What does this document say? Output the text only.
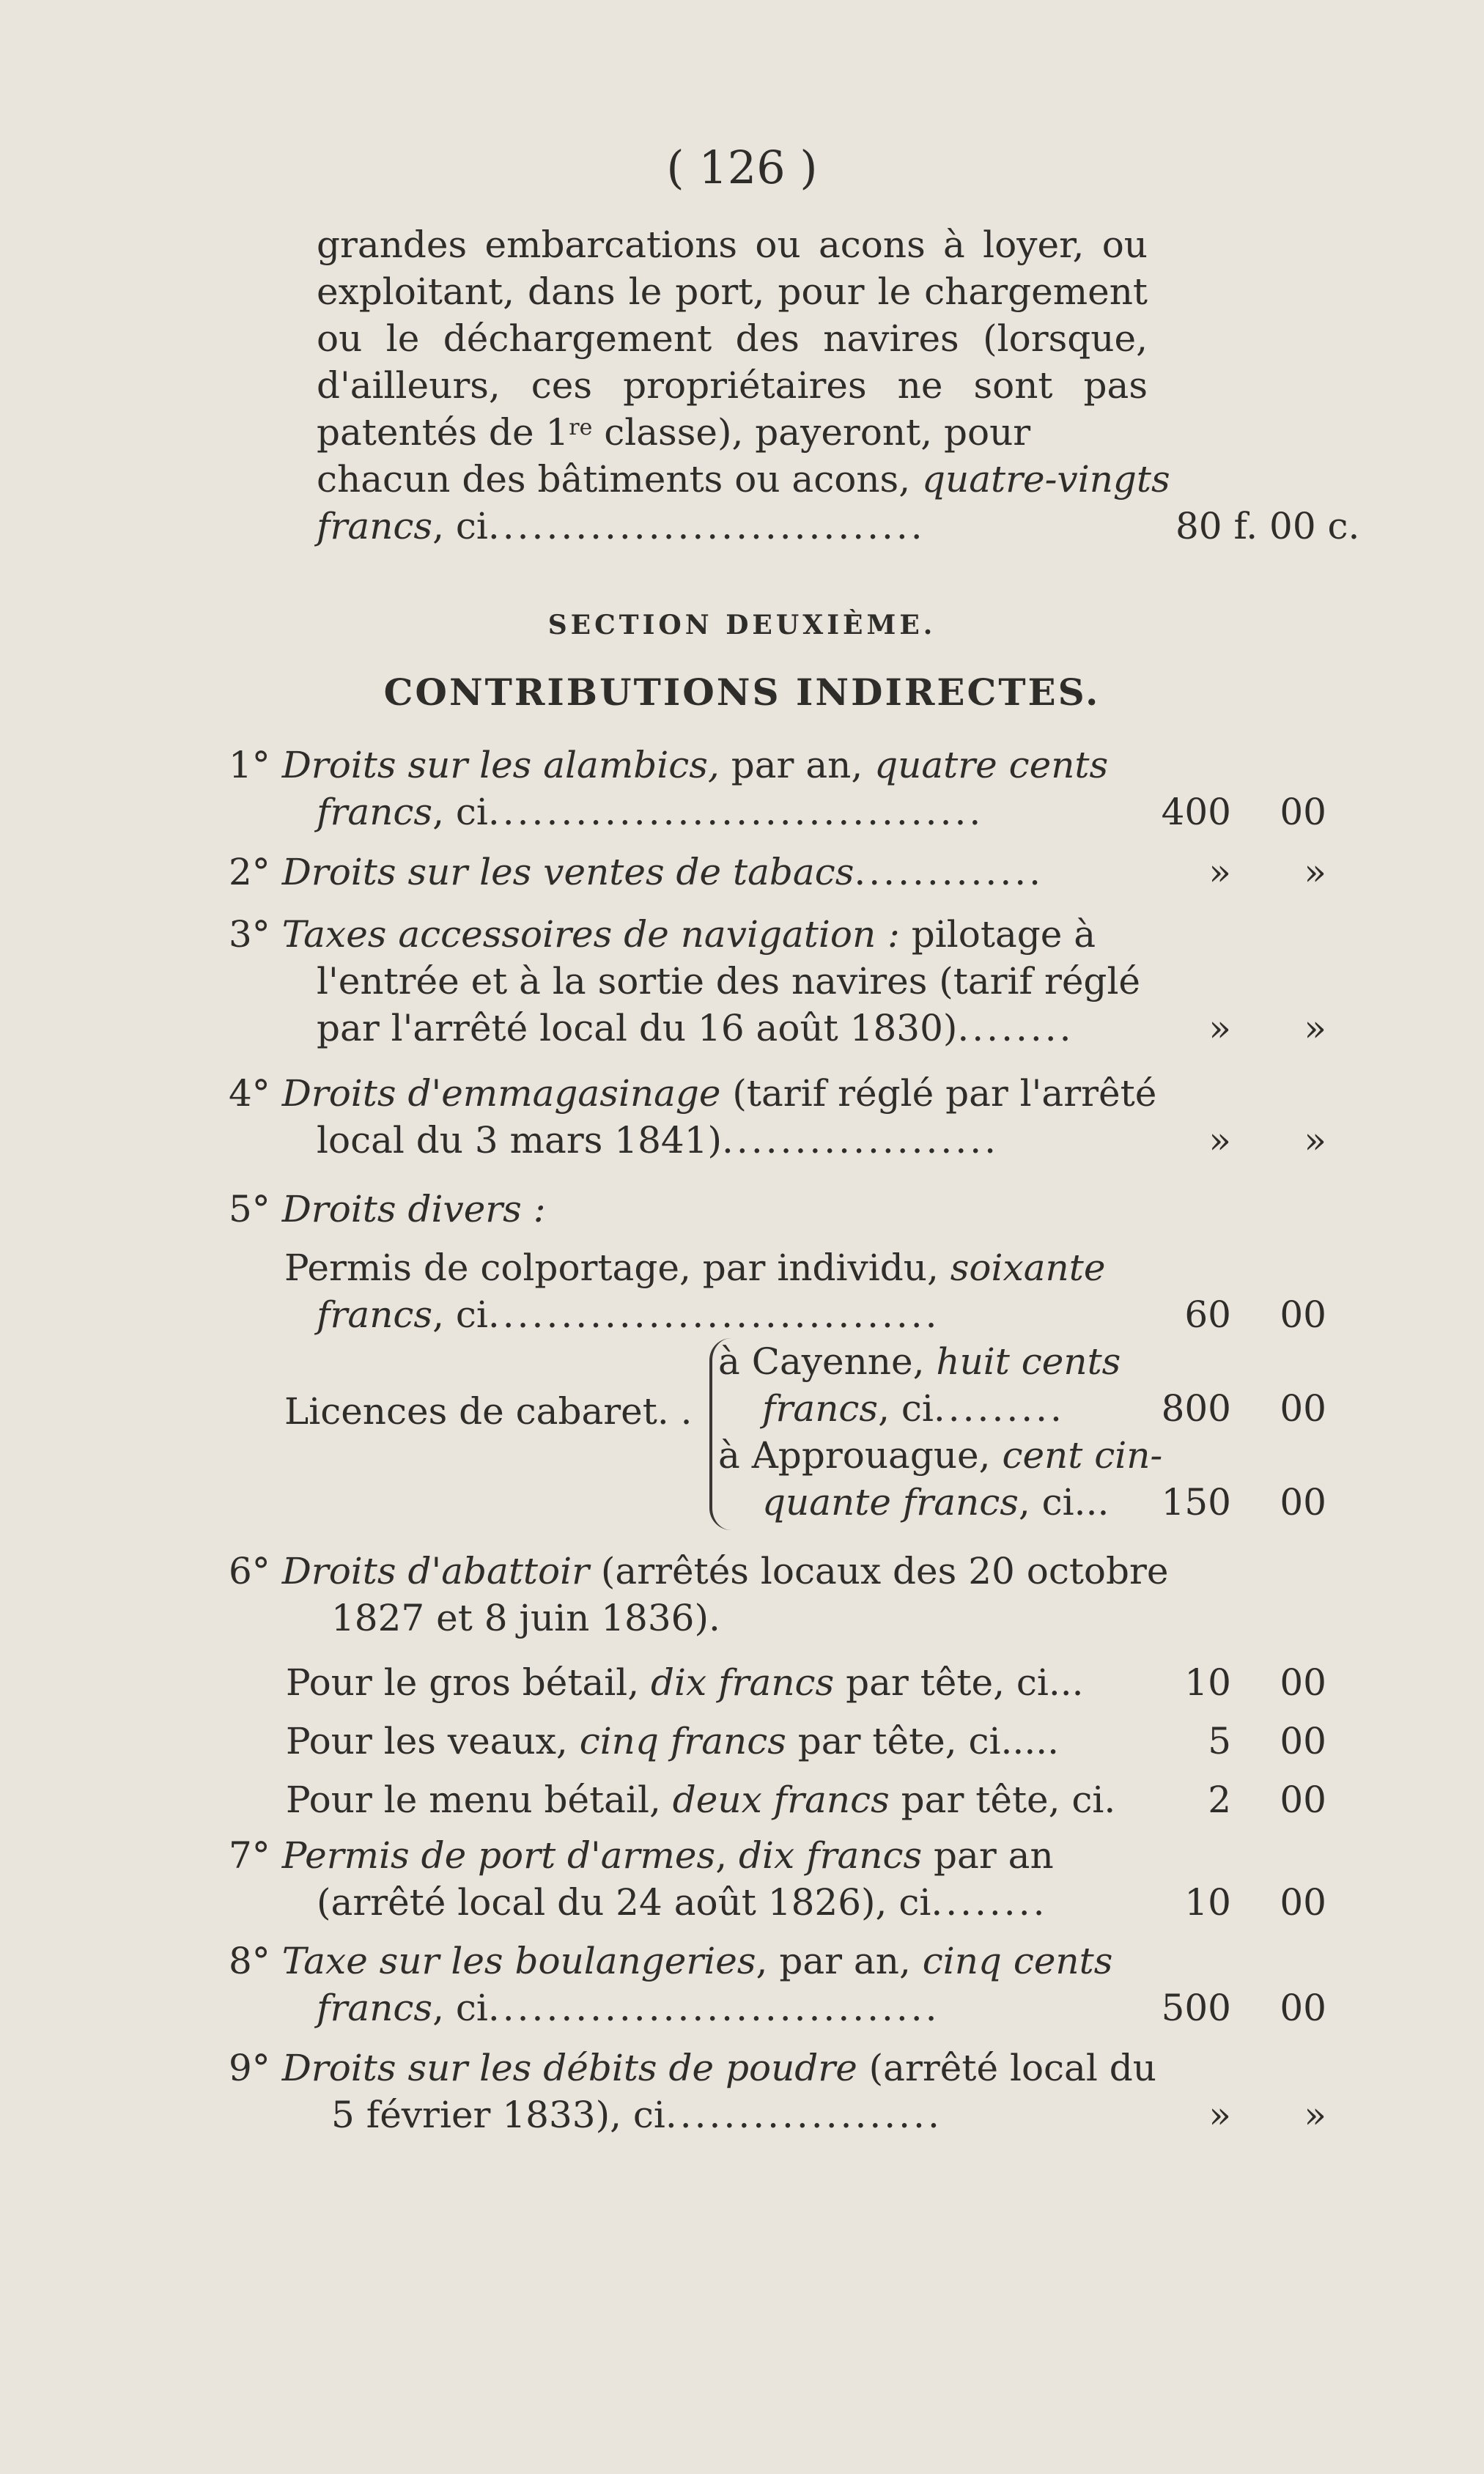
( 126 )
grandes embarcations ou acons à loyer, ou
exploitant, dans le port, pour le chargement
ou le déchargement des navires (lorsque,
d'ailleurs, ces propriétaires ne sont pas
patentés de 1re classe), payeront, pour
chacun des bâtiments ou acons, quatre-vingts
francs, ci..............................	80 f. 00 c.
SECTION DEUXIÈME.
CONTRIBUTIONS INDIRECTES.
1° Droits sur les alambics, par an, quatre cents
francs, ci..................................	400	00
2° Droits sur les ventes de tabacs.............	»	»
3° Taxes accessoires de navigation : pilotage à
l'entrée et à la sortie des navires (tarif réglé
par l'arrêté local du 16 août 1830)........	»	»
4° Droits d'emmagasinage (tarif réglé par l'arrêté
local du 3 mars 1841)...................	»	»
5° Droits divers :
Permis de colportage, par individu, soixante
francs, ci...............................	60	00
Licences de cabaret. .
à Cayenne, huit cents
francs, ci.........	800	00
à Approuague, cent cin-
quante francs, ci...	150	00
6° Droits d'abattoir (arrêtés locaux des 20 octobre
1827 et 8 juin 1836).
Pour le gros bétail, dix francs par tête, ci...	10	00
Pour les veaux, cinq francs par tête, ci.....	5	00
Pour le menu bétail, deux francs par tête, ci.	2	00
7° Permis de port d'armes, dix francs par an
(arrêté local du 24 août 1826), ci........	10	00
8° Taxe sur les boulangeries, par an, cinq cents
francs, ci...............................	500	00
9° Droits sur les débits de poudre (arrêté local du
5 février 1833), ci...................	»	»
